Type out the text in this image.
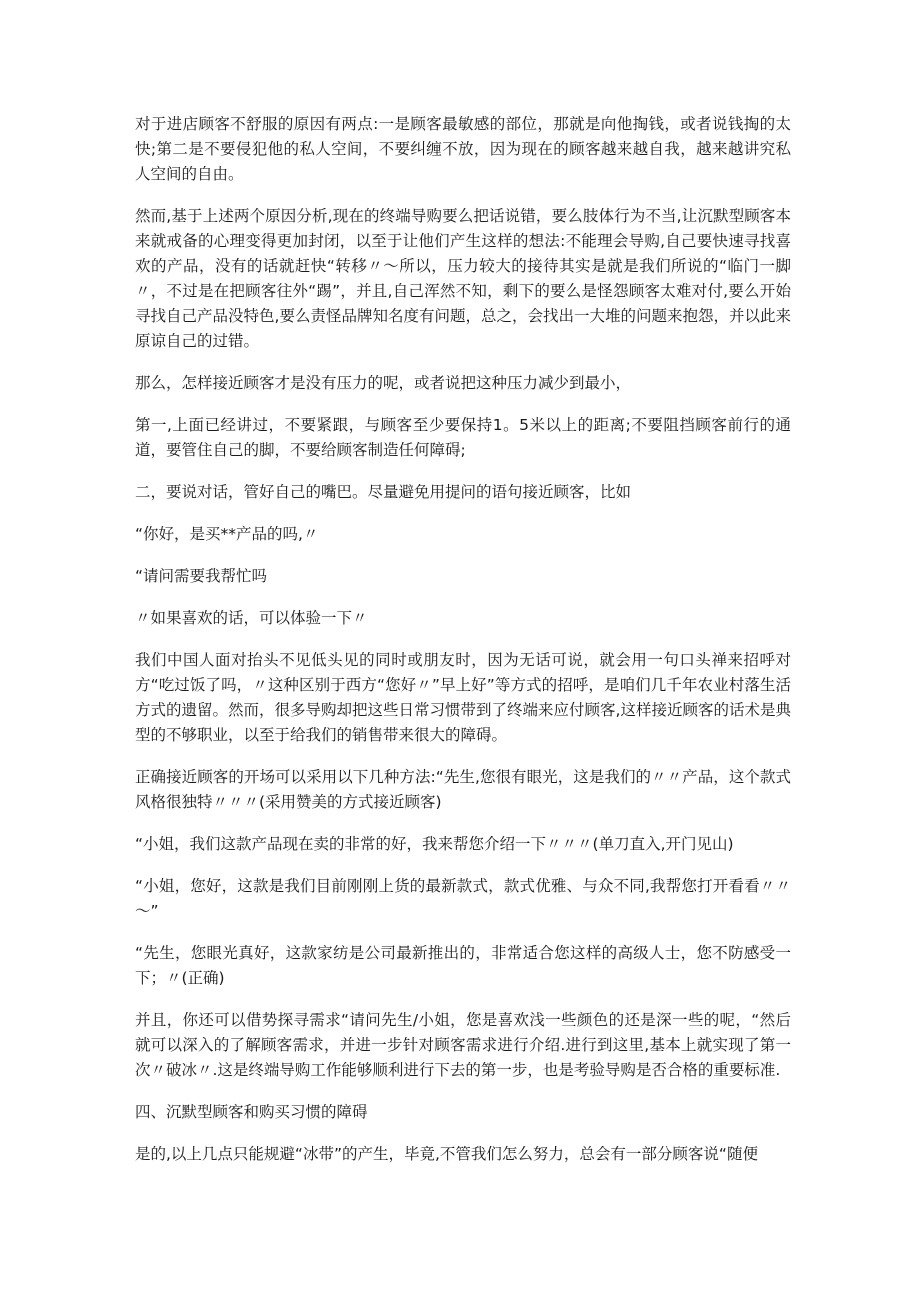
对于进店顾客不舒服的原因有两点:一是顾客最敏感的部位，那就是向他掏钱，或者说钱掏的太快;第二是不要侵犯他的私人空间，不要纠缠不放，因为现在的顾客越来越自我，越来越讲究私人空间的自由。

然而,基于上述两个原因分析,现在的终端导购要么把话说错，要么肢体行为不当,让沉默型顾客本来就戒备的心理变得更加封闭，以至于让他们产生这样的想法:不能理会导购,自己要快速寻找喜欢的产品，没有的话就赶快“转移〃～所以，压力较大的接待其实是就是我们所说的“临门一脚〃，不过是在把顾客往外“踢”，并且,自己浑然不知，剩下的要么是怪怨顾客太难对付,要么开始寻找自己产品没特色,要么责怪品牌知名度有问题，总之，会找出一大堆的问题来抱怨，并以此来原谅自己的过错。

那么，怎样接近顾客才是没有压力的呢，或者说把这种压力减少到最小，

第一,上面已经讲过，不要紧跟，与顾客至少要保持1。5米以上的距离;不要阻挡顾客前行的通道，要管住自己的脚，不要给顾客制造任何障碍;

二，要说对话，管好自己的嘴巴。尽量避免用提问的语句接近顾客，比如

“你好，是买**产品的吗,〃

“请问需要我帮忙吗

〃如果喜欢的话，可以体验一下〃

我们中国人面对抬头不见低头见的同时或朋友时，因为无话可说，就会用一句口头禅来招呼对方“吃过饭了吗，〃这种区别于西方“您好〃”早上好”等方式的招呼，是咱们几千年农业村落生活方式的遗留。然而，很多导购却把这些日常习惯带到了终端来应付顾客,这样接近顾客的话术是典型的不够职业，以至于给我们的销售带来很大的障碍。

正确接近顾客的开场可以采用以下几种方法:“先生,您很有眼光，这是我们的〃〃产品，这个款式风格很独特〃〃〃(采用赞美的方式接近顾客)

“小姐，我们这款产品现在卖的非常的好，我来帮您介绍一下〃〃〃(单刀直入,开门见山)

“小姐，您好，这款是我们目前刚刚上货的最新款式，款式优雅、与众不同,我帮您打开看看〃〃～”

“先生，您眼光真好，这款家纺是公司最新推出的，非常适合您这样的高级人士，您不防感受一下；〃(正确)

并且，你还可以借势探寻需求“请问先生/小姐，您是喜欢浅一些颜色的还是深一些的呢，“然后就可以深入的了解顾客需求，并进一步针对顾客需求进行介绍.进行到这里,基本上就实现了第一次〃破冰〃.这是终端导购工作能够顺利进行下去的第一步，也是考验导购是否合格的重要标准.

四、沉默型顾客和购买习惯的障碍

是的,以上几点只能规避“冰带”的产生，毕竟,不管我们怎么努力，总会有一部分顾客说“随便
